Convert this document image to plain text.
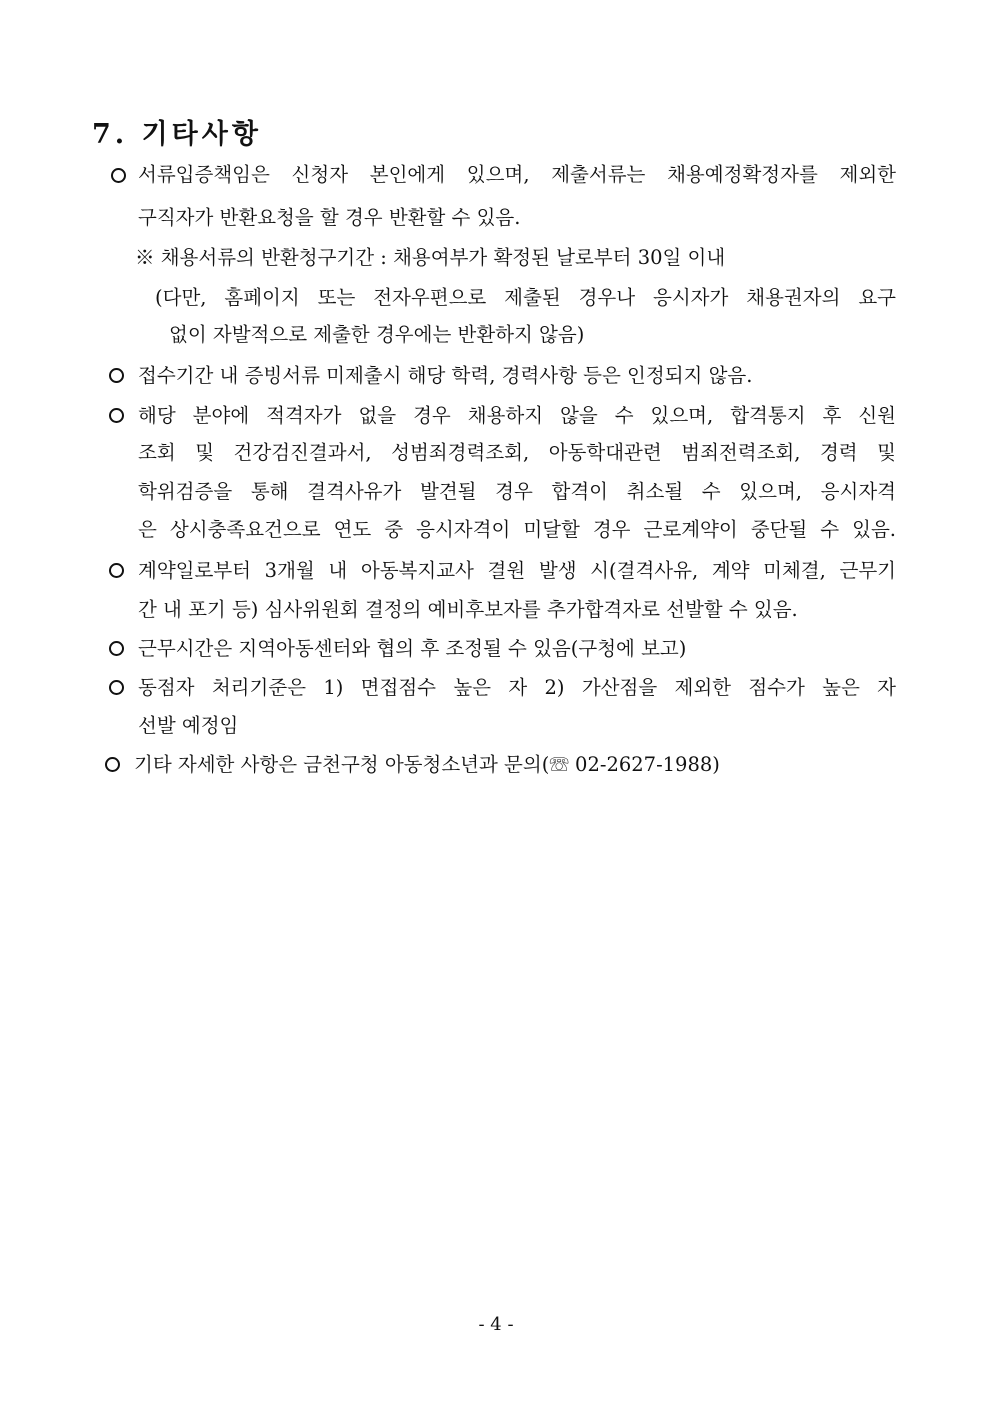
7. 기타사항
서류입증책임은 신청자 본인에게 있으며, 제출서류는 채용예정확정자를 제외한
구직자가 반환요청을 할 경우 반환할 수 있음.
※ 채용서류의 반환청구기간 : 채용여부가 확정된 날로부터 30일 이내
(다만, 홈페이지 또는 전자우편으로 제출된 경우나 응시자가 채용권자의 요구
없이 자발적으로 제출한 경우에는 반환하지 않음)
접수기간 내 증빙서류 미제출시 해당 학력, 경력사항 등은 인정되지 않음.
해당 분야에 적격자가 없을 경우 채용하지 않을 수 있으며, 합격통지 후 신원
조회 및 건강검진결과서, 성범죄경력조회, 아동학대관련 범죄전력조회, 경력 및
학위검증을 통해 결격사유가 발견될 경우 합격이 취소될 수 있으며, 응시자격
은 상시충족요건으로 연도 중 응시자격이 미달할 경우 근로계약이 중단될 수 있음.
계약일로부터 3개월 내 아동복지교사 결원 발생 시(결격사유, 계약 미체결, 근무기
간 내 포기 등) 심사위원회 결정의 예비후보자를 추가합격자로 선발할 수 있음.
근무시간은 지역아동센터와 협의 후 조정될 수 있음(구청에 보고)
동점자 처리기준은 1) 면접점수 높은 자 2) 가산점을 제외한 점수가 높은 자
선발 예정임
기타 자세한 사항은 금천구청 아동청소년과 문의(☏ 02-2627-1988)
- 4 -
